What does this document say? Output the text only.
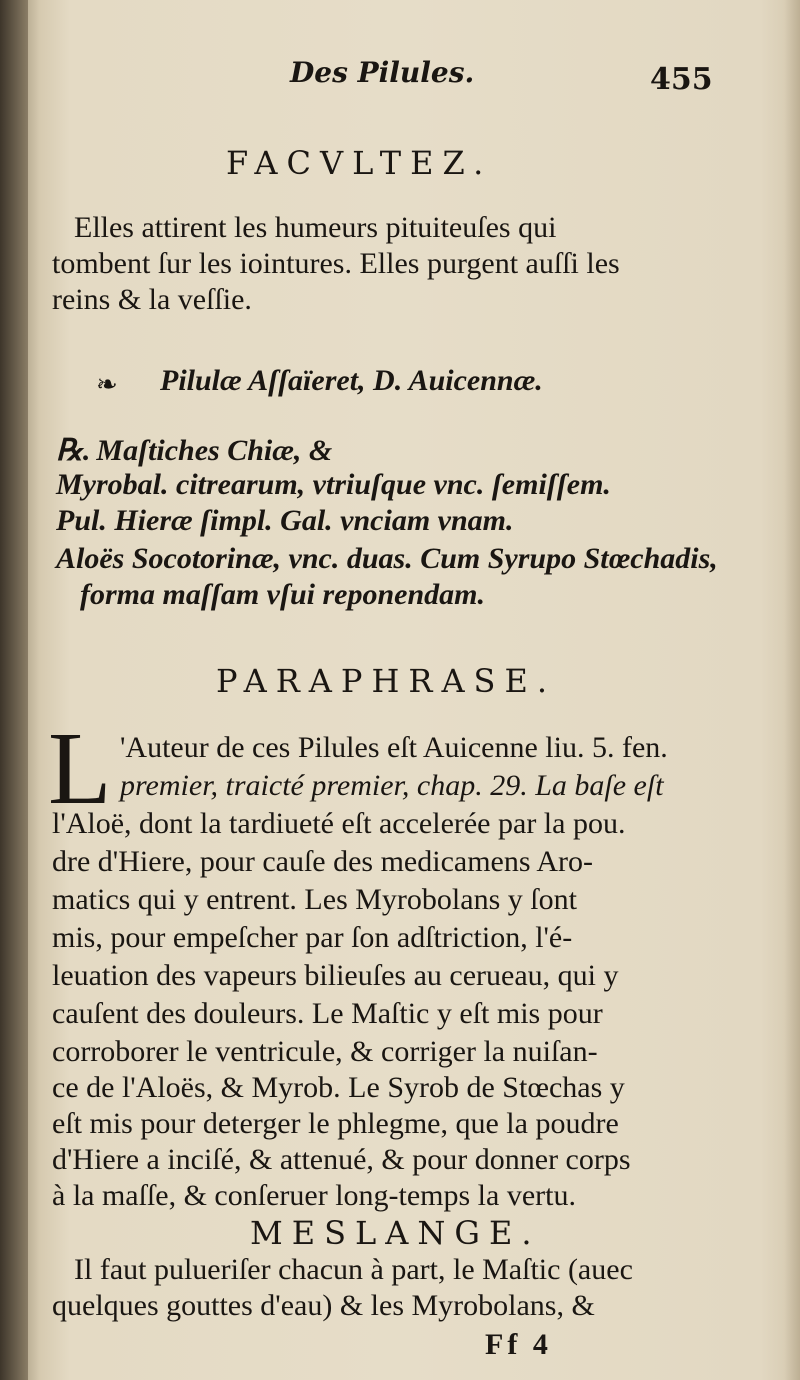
Des Pilules.	455
FACVLTEZ.
Elles attirent les humeurs pituiteuſes qui
tombent ſur les iointures. Elles purgent auſſi les
reins & la veſſie.
❧ Pilulæ Aſſaïeret, D. Auicennæ.
℞. Maſtiches Chiæ, &
Myrobal. citrearum, vtriuſque vnc. ſemiſſem.
Pul. Hieræ ſimpl. Gal. vnciam vnam.
Aloës Socotorinæ, vnc. duas. Cum Syrupo Stœchadis,
forma maſſam vſui reponendam.
PARAPHRASE.
L 'Auteur de ces Pilules eſt Auicenne liu. 5. fen.
premier, traicté premier, chap. 29. La baſe eſt
l'Aloë, dont la tardiueté eſt accelerée par la pou.
dre d'Hiere, pour cauſe des medicamens Aro-
matics qui y entrent. Les Myrobolans y ſont
mis, pour empeſcher par ſon adſtriction, l'é-
leuation des vapeurs bilieuſes au cerueau, qui y
cauſent des douleurs. Le Maſtic y eſt mis pour
corroborer le ventricule, & corriger la nuiſan-
ce de l'Aloës, & Myrob. Le Syrob de Stœchas y
eſt mis pour deterger le phlegme, que la poudre
d'Hiere a inciſé, & attenué, & pour donner corps
à la maſſe, & conſeruer long-temps la vertu.
MESLANGE.
Il faut pulueriſer chacun à part, le Maſtic (auec
quelques gouttes d'eau) & les Myrobolans, &
Ff 4
